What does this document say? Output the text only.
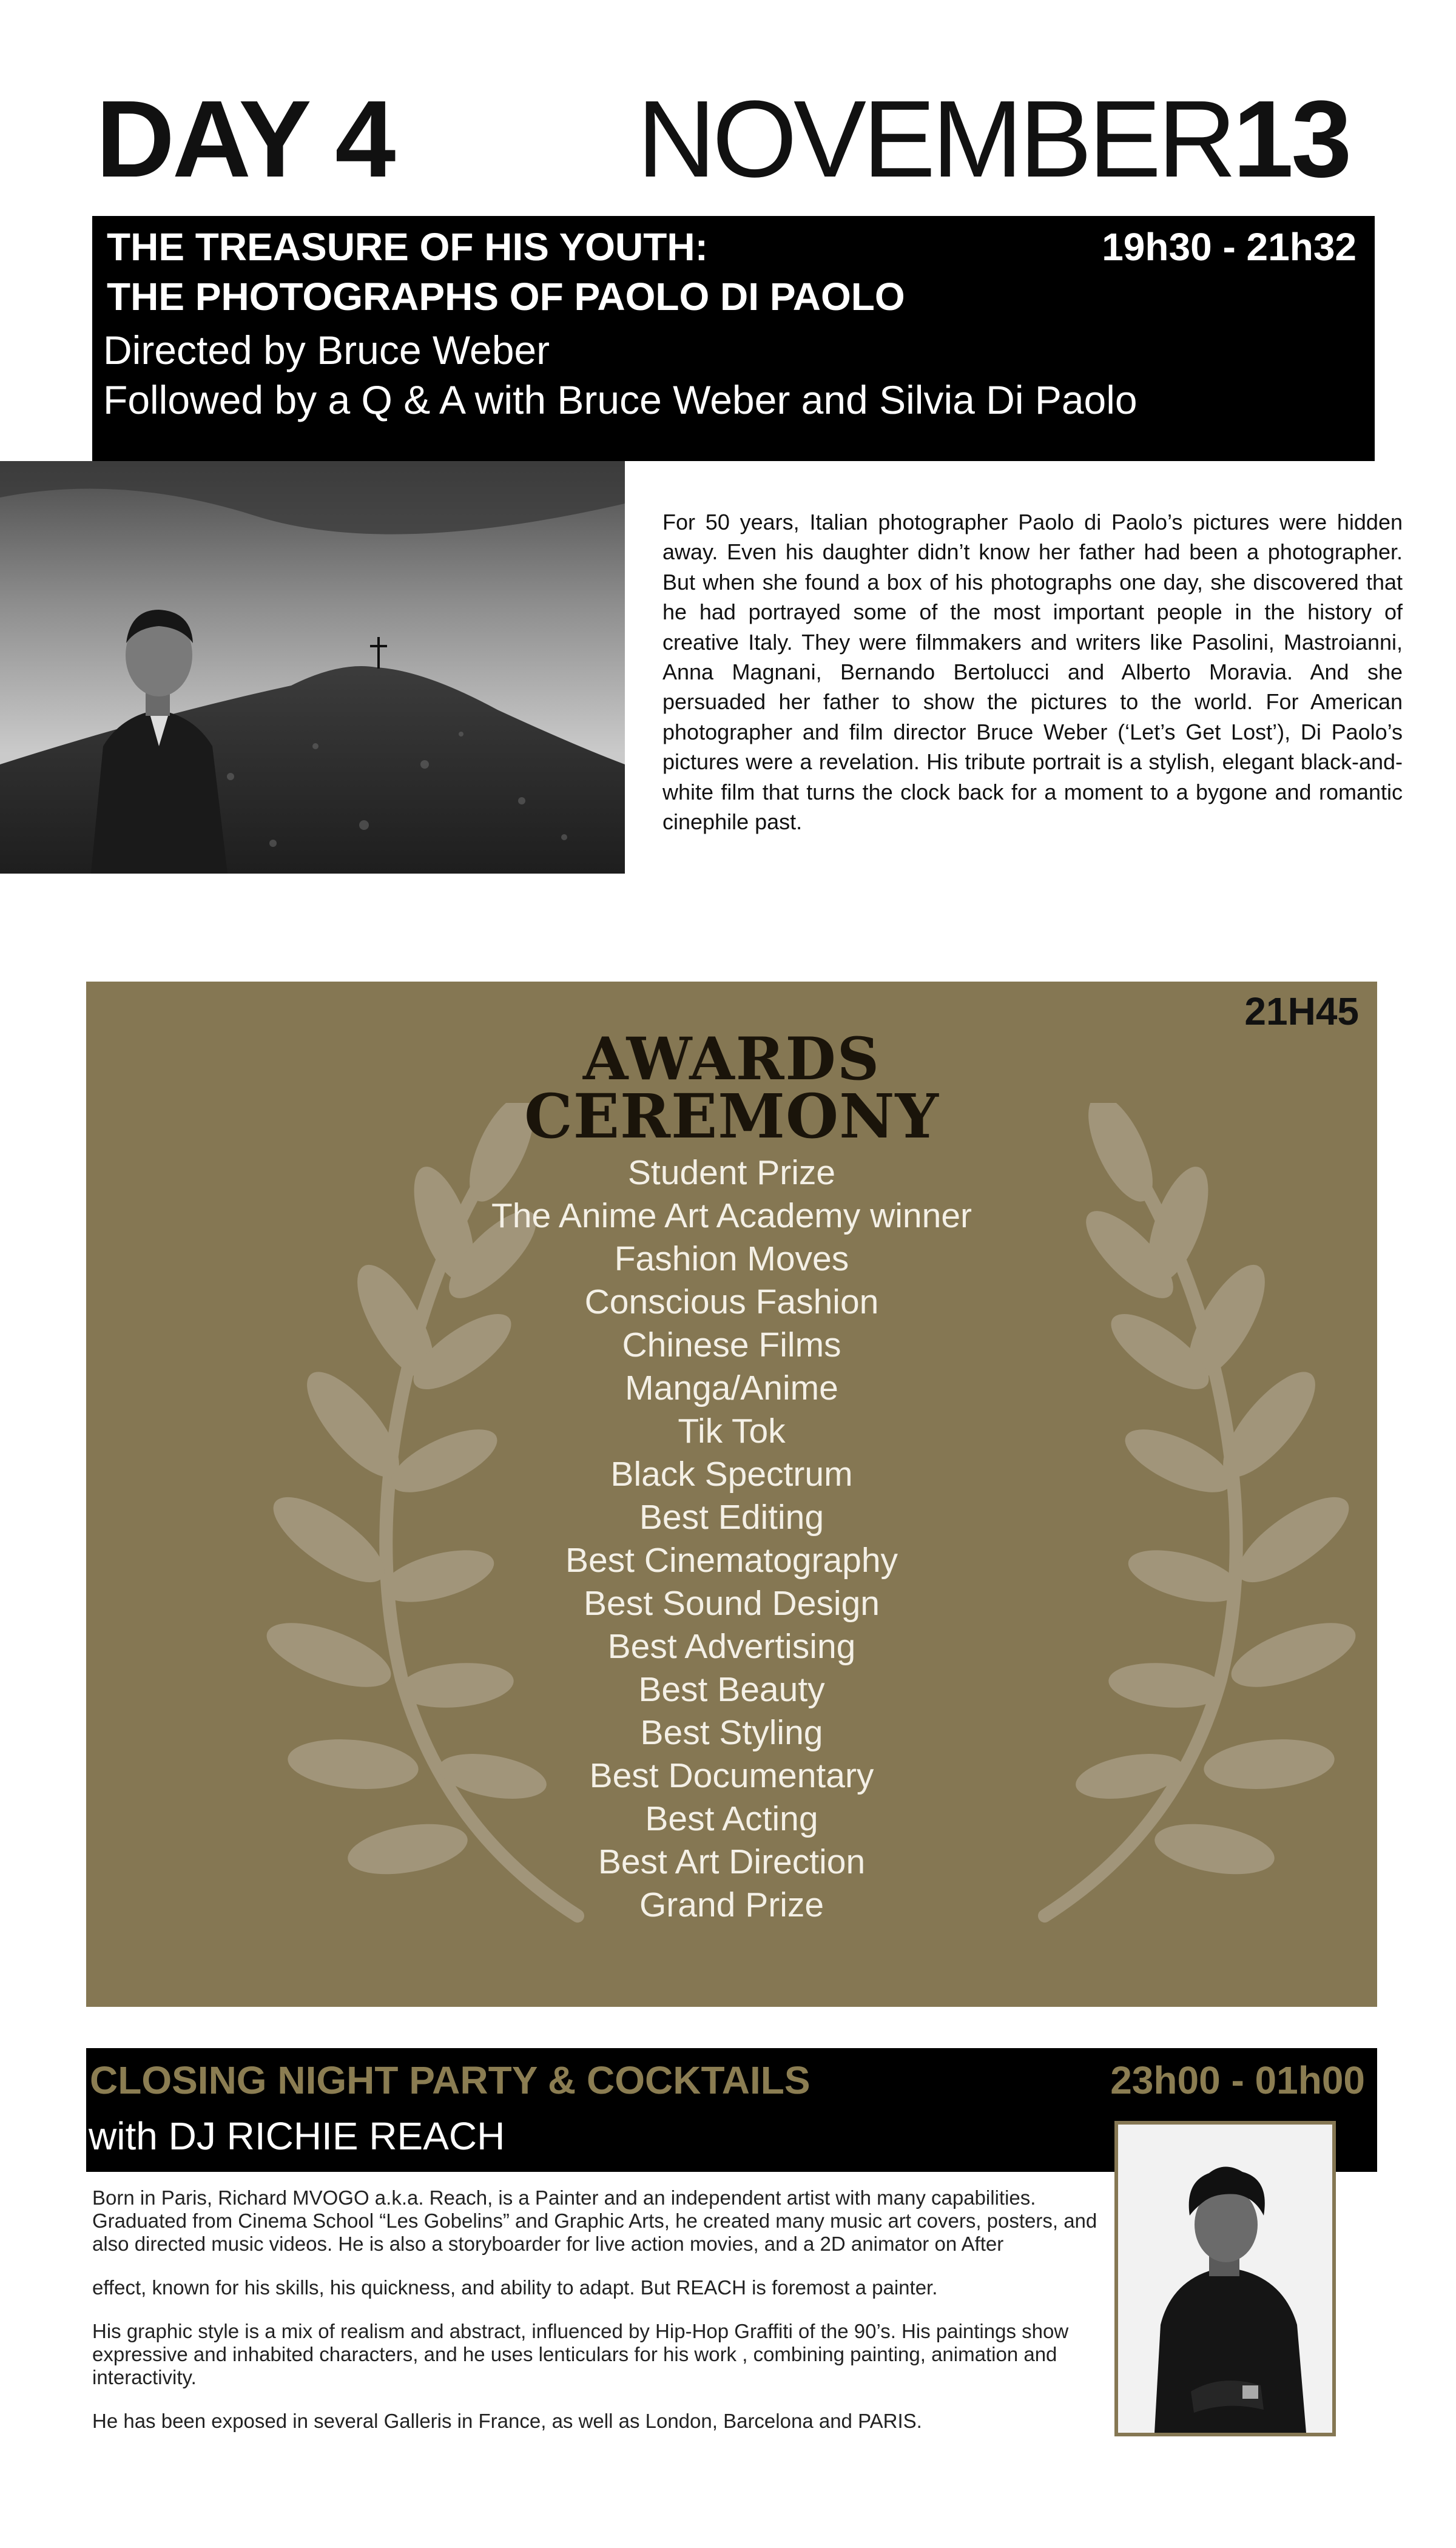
DAY 4 NOVEMBER13
THE TREASURE OF HIS YOUTH:
THE PHOTOGRAPHS OF PAOLO DI PAOLO
19h30 - 21h32
Directed by Bruce Weber
Followed by a Q & A with Bruce Weber and Silvia Di Paolo
For 50 years, Italian photographer Paolo di Paolo’s pictures were hidden away. Even his daughter didn’t know her father had been a photographer. But when she found a box of his photographs one day, she discovered that he had portrayed some of the most important people in the history of creative Italy. They were filmmakers and writers like Pasolini, Mastroianni, Anna Magnani, Bernando Bertolucci and Alberto Moravia. And she persuaded her father to show the pictures to the world. For American photographer and film director Bruce Weber (‘Let’s Get Lost’), Di Paolo’s pictures were a revelation. His tribute portrait is a stylish, elegant black-and-white film that turns the clock back for a moment to a bygone and romantic cinephile past.
21H45
AWARDS
CEREMONY
Student Prize
The Anime Art Academy winner
Fashion Moves
Conscious Fashion
Chinese Films
Manga/Anime
Tik Tok
Black Spectrum
Best Editing
Best Cinematography
Best Sound Design
Best Advertising
Best Beauty
Best Styling
Best Documentary
Best Acting
Best Art Direction
Grand Prize
CLOSING NIGHT PARTY & COCKTAILS	23h00 - 01h00
with DJ RICHIE REACH

Born in Paris, Richard MVOGO a.k.a. Reach, is a Painter and an independent artist with many capabilities. Graduated from Cinema School “Les Gobelins” and Graphic Arts, he created many music art covers, posters, and also directed music videos. He is also a storyboarder for live action movies, and a 2D animator on After

effect, known for his skills, his quickness, and ability to adapt. But REACH is foremost a painter.

His graphic style is a mix of realism and abstract, influenced by Hip-Hop Graffiti of the 90’s. His paintings show expressive and inhabited characters, and he uses lenticulars for his work , combining painting, animation and interactivity.

He has been exposed in several Galleris in France, as well as London, Barcelona and PARIS.
